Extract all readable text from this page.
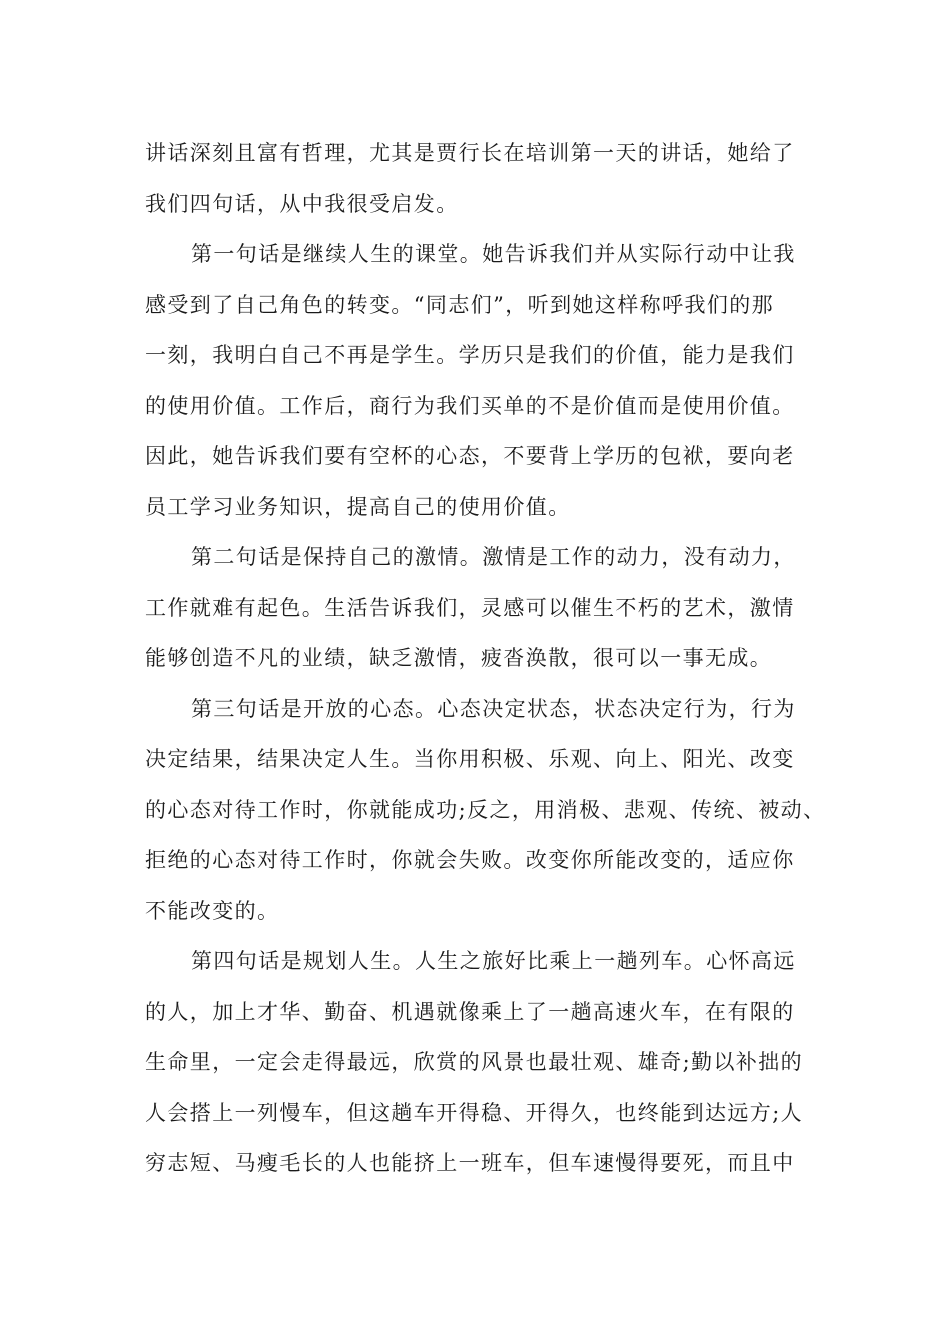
讲话深刻且富有哲理，尤其是贾行长在培训第一天的讲话，她给了
我们四句话，从中我很受启发。
第一句话是继续人生的课堂。她告诉我们并从实际行动中让我
感受到了自己角色的转变。“同志们”，听到她这样称呼我们的那
一刻，我明白自己不再是学生。学历只是我们的价值，能力是我们
的使用价值。工作后，商行为我们买单的不是价值而是使用价值。
因此，她告诉我们要有空杯的心态，不要背上学历的包袱，要向老
员工学习业务知识，提高自己的使用价值。
第二句话是保持自己的激情。激情是工作的动力，没有动力，
工作就难有起色。生活告诉我们，灵感可以催生不朽的艺术，激情
能够创造不凡的业绩，缺乏激情，疲沓涣散，很可以一事无成。
第三句话是开放的心态。心态决定状态，状态决定行为，行为
决定结果，结果决定人生。当你用积极、乐观、向上、阳光、改变
的心态对待工作时，你就能成功;反之，用消极、悲观、传统、被动、
拒绝的心态对待工作时，你就会失败。改变你所能改变的，适应你
不能改变的。
第四句话是规划人生。人生之旅好比乘上一趟列车。心怀高远
的人，加上才华、勤奋、机遇就像乘上了一趟高速火车，在有限的
生命里，一定会走得最远，欣赏的风景也最壮观、雄奇;勤以补拙的
人会搭上一列慢车，但这趟车开得稳、开得久，也终能到达远方;人
穷志短、马瘦毛长的人也能挤上一班车，但车速慢得要死，而且中
